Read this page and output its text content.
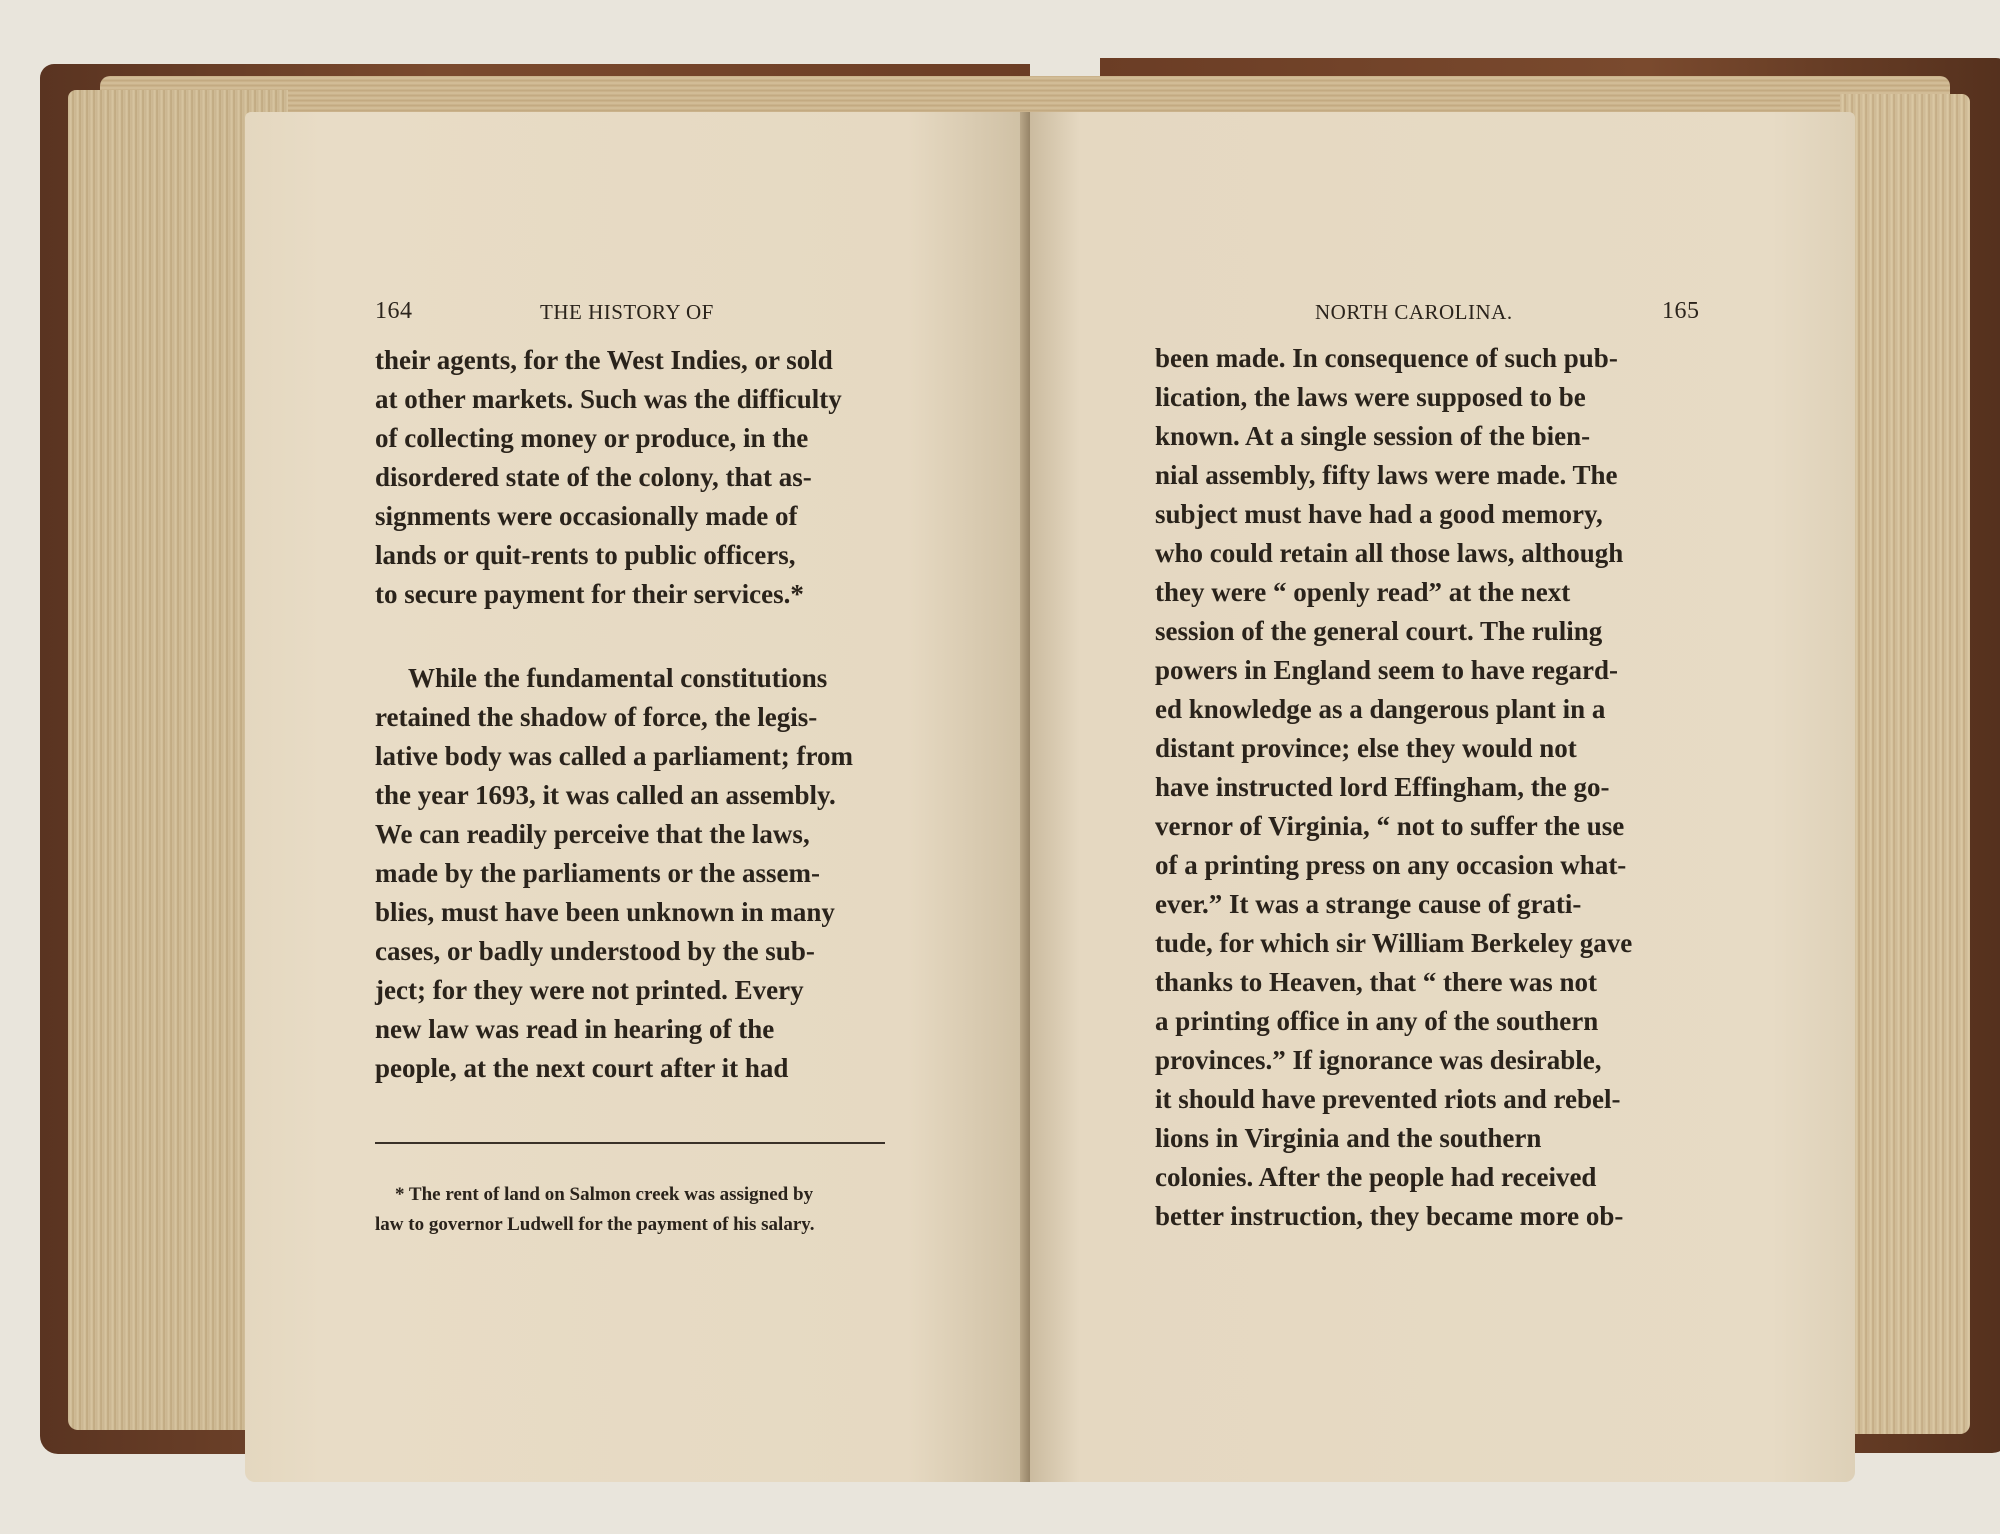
164	THE HISTORY OF
their agents, for the West Indies, or sold
at other markets. Such was the difficulty
of collecting money or produce, in the
disordered state of the colony, that as-
signments were occasionally made of
lands or quit-rents to public officers,
to secure payment for their services.*
While the fundamental constitutions
retained the shadow of force, the legis-
lative body was called a parliament; from
the year 1693, it was called an assembly.
We can readily perceive that the laws,
made by the parliaments or the assem-
blies, must have been unknown in many
cases, or badly understood by the sub-
ject; for they were not printed. Every
new law was read in hearing of the
people, at the next court after it had
* The rent of land on Salmon creek was assigned by
law to governor Ludwell for the payment of his salary.
NORTH CAROLINA.	165
been made. In consequence of such pub-
lication, the laws were supposed to be
known. At a single session of the bien-
nial assembly, fifty laws were made. The
subject must have had a good memory,
who could retain all those laws, although
they were “ openly read” at the next
session of the general court. The ruling
powers in England seem to have regard-
ed knowledge as a dangerous plant in a
distant province; else they would not
have instructed lord Effingham, the go-
vernor of Virginia, “ not to suffer the use
of a printing press on any occasion what-
ever.” It was a strange cause of grati-
tude, for which sir William Berkeley gave
thanks to Heaven, that “ there was not
a printing office in any of the southern
provinces.” If ignorance was desirable,
it should have prevented riots and rebel-
lions in Virginia and the southern
colonies. After the people had received
better instruction, they became more ob-
